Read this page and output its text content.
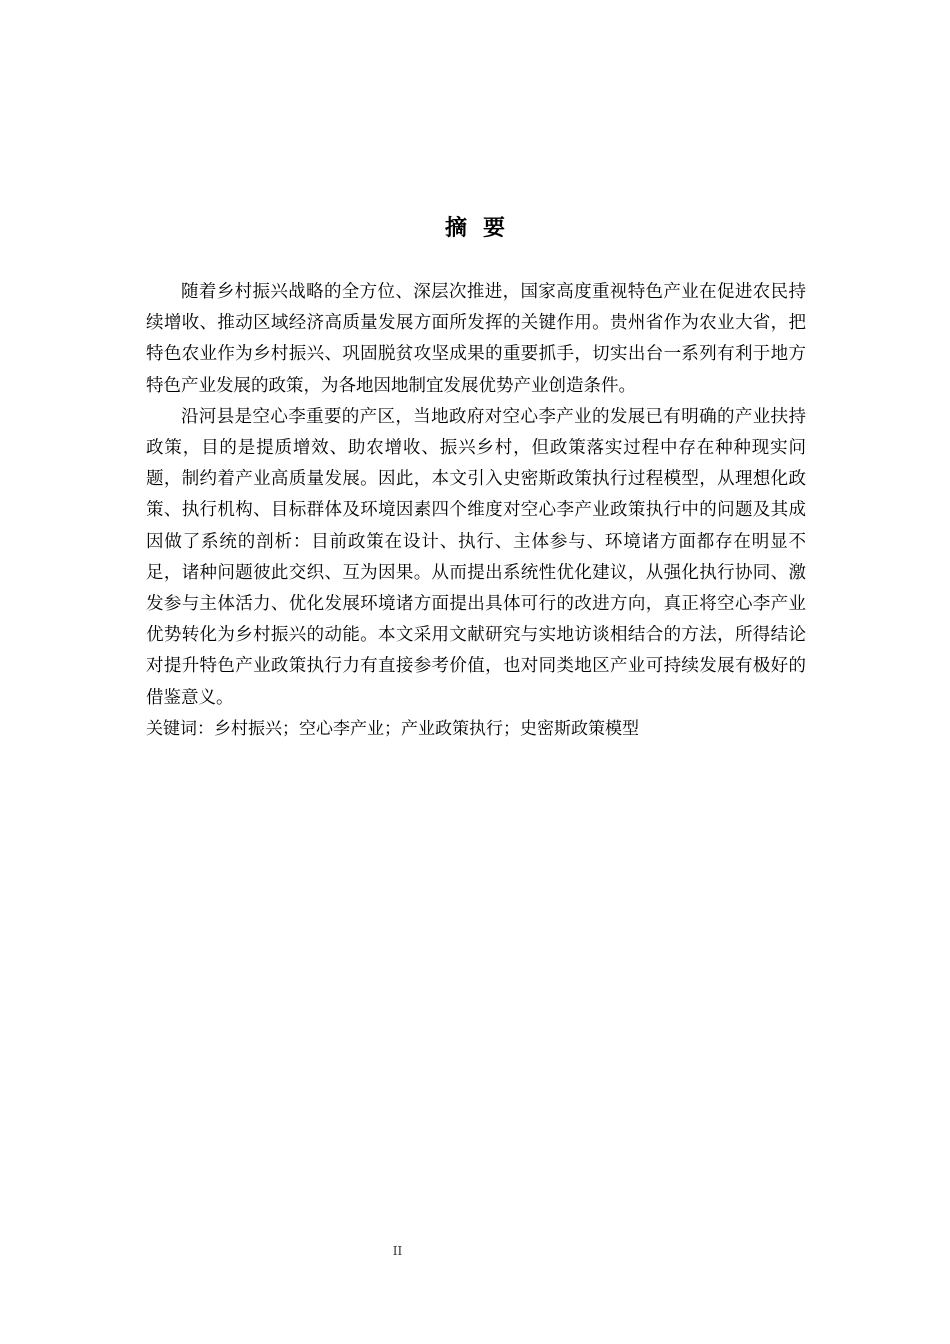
摘要

随着乡村振兴战略的全方位、深层次推进，国家高度重视特色产业在促进农民持续增收、推动区域经济高质量发展方面所发挥的关键作用。贵州省作为农业大省，把特色农业作为乡村振兴、巩固脱贫攻坚成果的重要抓手，切实出台一系列有利于地方特色产业发展的政策，为各地因地制宜发展优势产业创造条件。

沿河县是空心李重要的产区，当地政府对空心李产业的发展已有明确的产业扶持政策，目的是提质增效、助农增收、振兴乡村，但政策落实过程中存在种种现实问题，制约着产业高质量发展。因此，本文引入史密斯政策执行过程模型，从理想化政策、执行机构、目标群体及环境因素四个维度对空心李产业政策执行中的问题及其成因做了系统的剖析：目前政策在设计、执行、主体参与、环境诸方面都存在明显不足，诸种问题彼此交织、互为因果。从而提出系统性优化建议，从强化执行协同、激发参与主体活力、优化发展环境诸方面提出具体可行的改进方向，真正将空心李产业优势转化为乡村振兴的动能。本文采用文献研究与实地访谈相结合的方法，所得结论对提升特色产业政策执行力有直接参考价值，也对同类地区产业可持续发展有极好的借鉴意义。

关键词：乡村振兴；空心李产业；产业政策执行；史密斯政策模型

II
